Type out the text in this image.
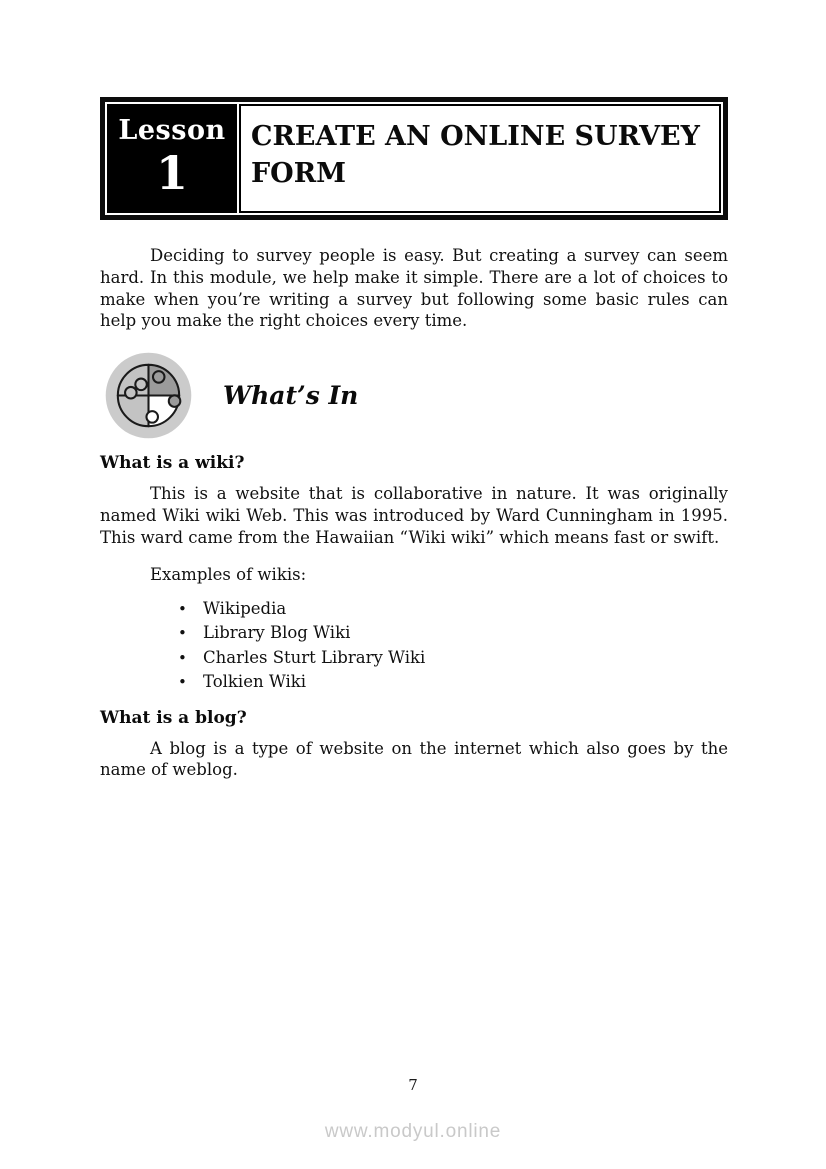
Lesson
1
CREATE AN ONLINE SURVEY FORM

Deciding to survey people is easy. But creating a survey can seem hard. In this module, we help make it simple. There are a lot of choices to make when you’re writing a survey but following some basic rules can help you make the right choices every time.

What’s In
What is a wiki?

This is a website that is collaborative in nature. It was originally named Wiki wiki Web. This was introduced by Ward Cunningham in 1995. This ward came from the Hawaiian “Wiki wiki” which means fast or swift.

Examples of wikis:

• Wikipedia
• Library Blog Wiki
• Charles Sturt Library Wiki
• Tolkien Wiki
What is a blog?

A blog is a type of website on the internet which also goes by the name of weblog.

7
www.modyul.online
